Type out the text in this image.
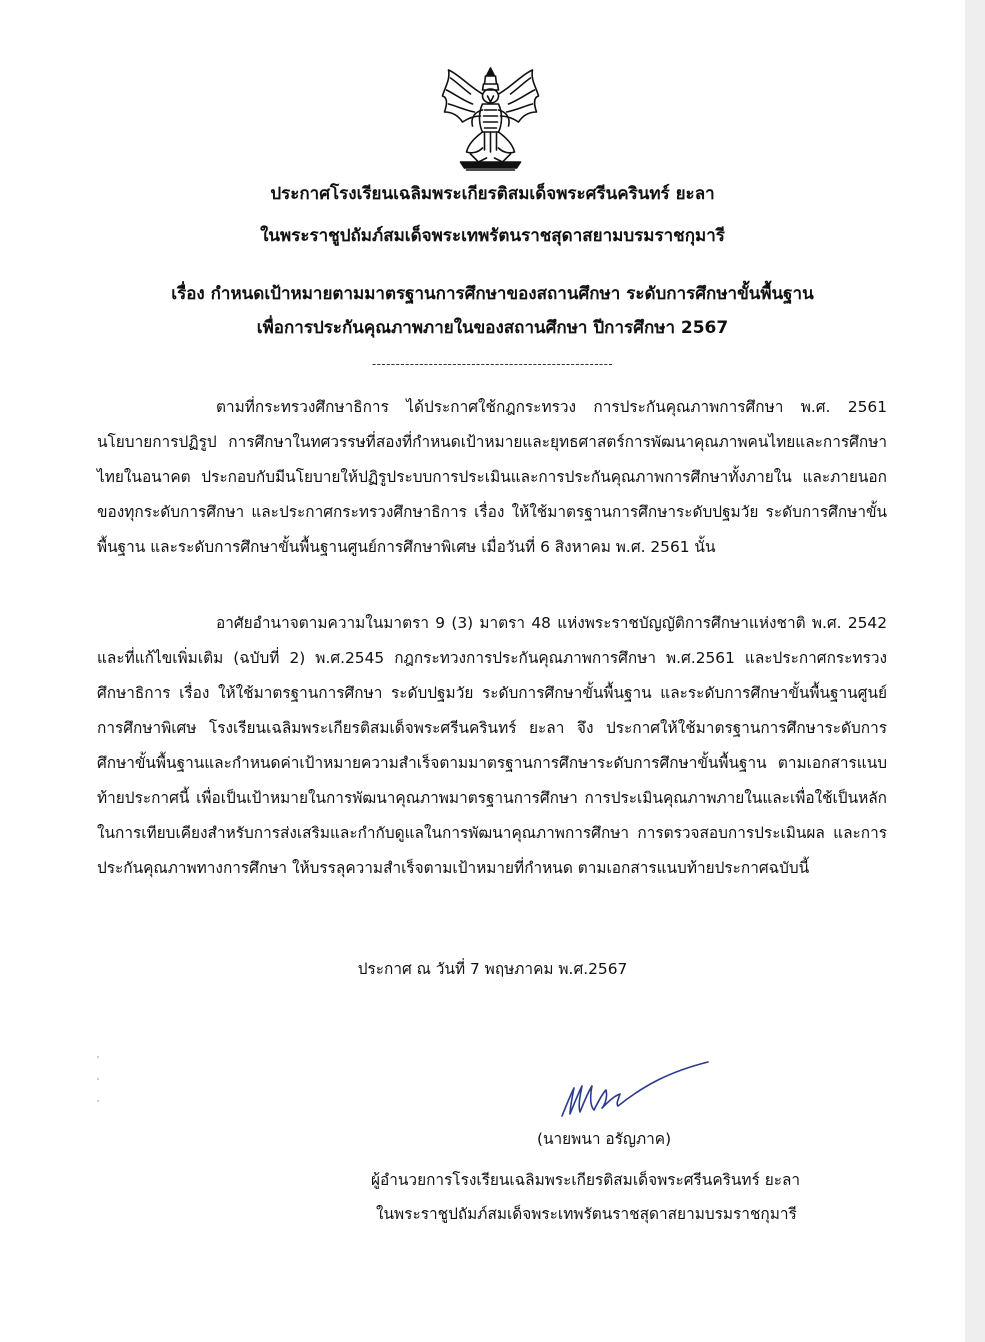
ประกาศโรงเรียนเฉลิมพระเกียรติสมเด็จพระศรีนครินทร์ ยะลา
ในพระราชูปถัมภ์สมเด็จพระเทพรัตนราชสุดาสยามบรมราชกุมารี
เรื่อง กำหนดเป้าหมายตามมาตรฐานการศึกษาของสถานศึกษา ระดับการศึกษาขั้นพื้นฐาน
เพื่อการประกันคุณภาพภายในของสถานศึกษา ปีการศึกษา 2567
---------------------------------------------------

ตามที่กระทรวงศึกษาธิการ ได้ประกาศใช้กฎกระทรวง การประกันคุณภาพการศึกษา พ.ศ. 2561 นโยบายการปฏิรูป การศึกษาในทศวรรษที่สองที่กำหนดเป้าหมายและยุทธศาสตร์การพัฒนาคุณภาพคนไทยและการศึกษาไทยในอนาคต ประกอบกับมีนโยบายให้ปฏิรูประบบการประเมินและการประกันคุณภาพการศึกษาทั้งภายใน และภายนอกของทุกระดับการศึกษา และประกาศกระทรวงศึกษาธิการ เรื่อง ให้ใช้มาตรฐานการศึกษาระดับปฐมวัย ระดับการศึกษาขั้นพื้นฐาน และระดับการศึกษาขั้นพื้นฐานศูนย์การศึกษาพิเศษ เมื่อวันที่ 6 สิงหาคม พ.ศ. 2561 นั้น

อาศัยอำนาจตามความในมาตรา 9 (3) มาตรา 48 แห่งพระราชบัญญัติการศึกษาแห่งชาติ พ.ศ. 2542 และที่แก้ไขเพิ่มเติม (ฉบับที่ 2) พ.ศ.2545 กฎกระทวงการประกันคุณภาพการศึกษา พ.ศ.2561 และประกาศกระทรวงศึกษาธิการ เรื่อง ให้ใช้มาตรฐานการศึกษา ระดับปฐมวัย ระดับการศึกษาขั้นพื้นฐาน และระดับการศึกษาขั้นพื้นฐานศูนย์การศึกษาพิเศษ โรงเรียนเฉลิมพระเกียรติสมเด็จพระศรีนครินทร์ ยะลา จึง ประกาศให้ใช้มาตรฐานการศึกษาระดับการศึกษาขั้นพื้นฐานและกำหนดค่าเป้าหมายความสำเร็จตามมาตรฐานการศึกษาระดับการศึกษาขั้นพื้นฐาน ตามเอกสารแนบท้ายประกาศนี้ เพื่อเป็นเป้าหมายในการพัฒนาคุณภาพมาตรฐานการศึกษา การประเมินคุณภาพภายในและเพื่อใช้เป็นหลักในการเทียบเคียงสำหรับการส่งเสริมและกำกับดูแลในการพัฒนาคุณภาพการศึกษา การตรวจสอบการประเมินผล และการประกันคุณภาพทางการศึกษา ให้บรรลุความสำเร็จตามเป้าหมายที่กำหนด ตามเอกสารแนบท้ายประกาศฉบับนี้

ประกาศ ณ วันที่ 7 พฤษภาคม พ.ศ.2567
(นายพนา อรัญภาค)
ผู้อำนวยการโรงเรียนเฉลิมพระเกียรติสมเด็จพระศรีนครินทร์ ยะลา
ในพระราชูปถัมภ์สมเด็จพระเทพรัตนราชสุดาสยามบรมราชกุมารี
